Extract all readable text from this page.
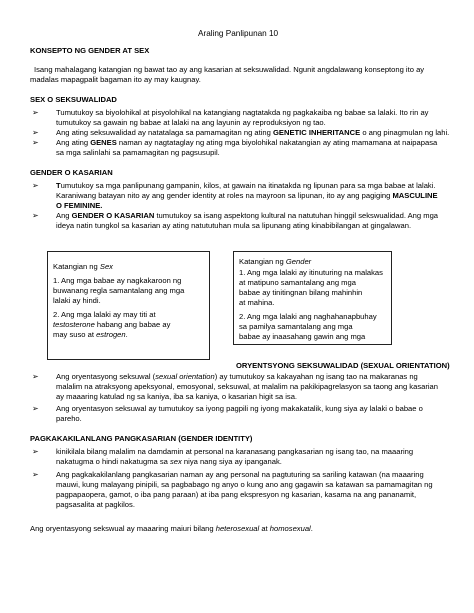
Araling Panlipunan 10
KONSEPTO NG GENDER AT SEX
Isang mahalagang katangian ng bawat tao ay ang kasarian at seksuwalidad. Ngunit angdalawang konseptong ito ay
madalas mapagpalit bagaman ito ay may kaugnay.
SEX O SEKSUWALIDAD
➢ Tumutukoy sa biyolohikal at pisyolohikal na katangiang nagtatakda ng pagkakaiba ng babae sa lalaki. Ito rin ay
tumutukoy sa gawain ng babae at lalaki na ang layunin ay reproduksiyon ng tao.
➢ Ang ating seksuwalidad ay natatalaga sa pamamagitan ng ating GENETIC INHERITANCE o ang pinagmulan ng lahi.
➢ Ang ating GENES naman ay nagtataglay ng ating mga biyolohikal nakatangian ay ating mamamana at naipapasa
sa mga salinlahi sa pamamagitan ng pagsusupil.
GENDER O KASARIAN
➢ Tumutukoy sa mga panlipunang gampanin, kilos, at gawain na itinatakda ng lipunan para sa mga babae at lalaki.
Karaniwang batayan nito ay ang gender identity at roles na mayroon sa lipunan, ito ay ang pagiging MASCULINE
O FEMININE.
➢ Ang GENDER O KASARIAN tumutukoy sa isang aspektong kultural na natutuhan hinggil sekswualidad. Ang mga
ideya natin tungkol sa kasarian ay ating natututuhan mula sa lipunang ating kinabibilangan at gingalawan.
Katangian ng Sex
1. Ang mga babae ay nagkakaroon ng
buwanang regla samantalang ang mga
lalaki ay hindi.
2. Ang mga lalaki ay may titi at
testosterone habang ang babae ay
may suso at estrogen.
Katangian ng Gender
1. Ang mga lalaki ay itinuturing na malakas
at matipuno samantalang ang mga
babae ay tinitingnan bilang mahinhin
at mahina.
2. Ang mga lalaki ang naghahanapbuhay
sa pamilya samantalang ang mga
babae ay inaasahang gawin ang mga
ORYENTSYONG SEKSUWALIDAD (SEXUAL ORIENTATION)
➢ Ang oryentasyong seksuwal (sexual orientation) ay tumutukoy sa kakayahan ng isang tao na makaranas ng
malalim na atraksyong apeksyonal, emosyonal, seksuwal, at malalim na pakikipagrelasyon sa taong ang kasarian
ay maaaring katulad ng sa kaniya, iba sa kaniya, o kasarian higit sa isa.
➢ Ang oryentasyon seksuwal ay tumutukoy sa iyong pagpili ng iyong makakatalik, kung siya ay lalaki o babae o
pareho.
PAGKAKAKILANLANG PANGKASARIAN (GENDER IDENTITY)
➢ kinikilala bilang malalim na damdamin at personal na karanasang pangkasarian ng isang tao, na maaaring
nakatugma o hindi nakatugma sa sex niya nang siya ay ipanganak.
➢ Ang pagkakakilanlang pangkasarian naman ay ang personal na pagtuturing sa sariling katawan (na maaaring
mauwi, kung malayang pinipili, sa pagbabago ng anyo o kung ano ang gagawin sa katawan sa pamamagitan ng
pagpapaopera, gamot, o iba pang paraan) at iba pang ekspresyon ng kasarian, kasama na ang pananamit,
pagsasalita at pagkilos.
Ang oryentasyong sekswual ay maaaring maiuri bilang heterosexual at homosexual.
